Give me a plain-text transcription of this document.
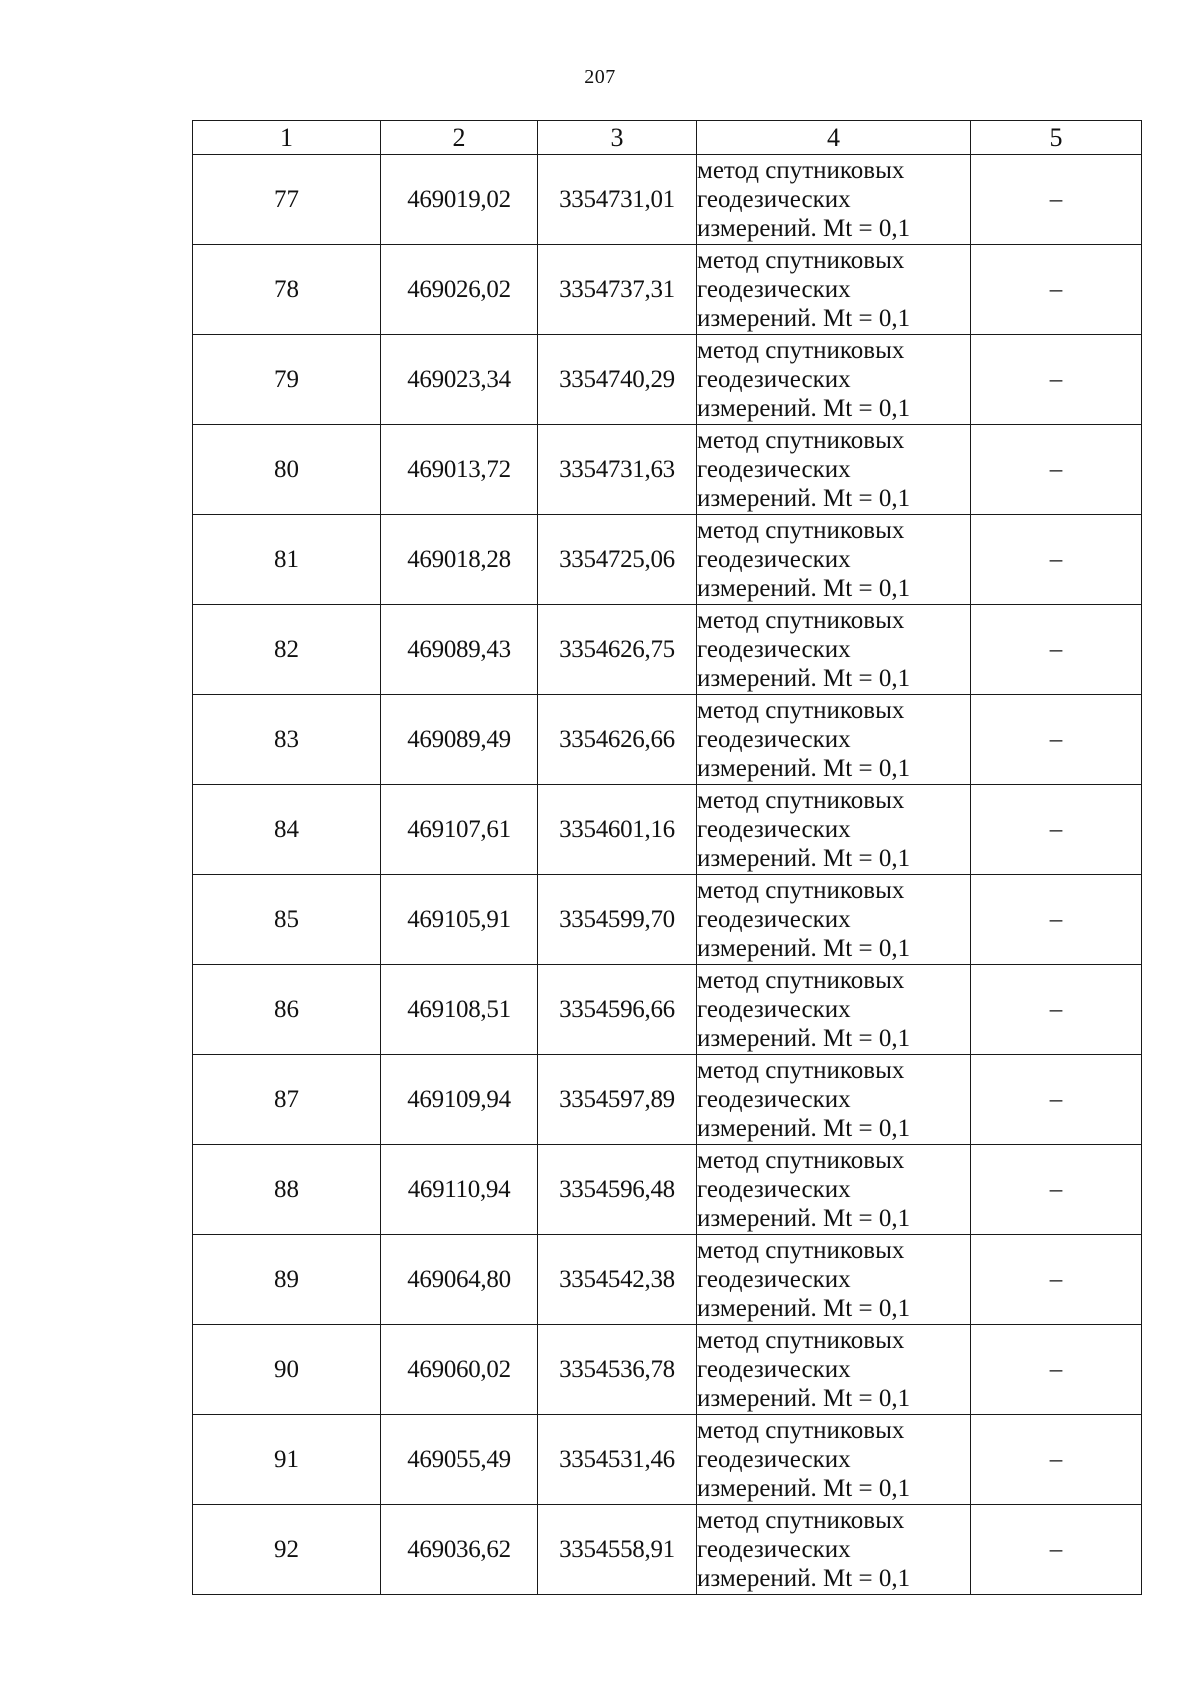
207
1	2	3	4	5
77	469019,02	3354731,01	метод спутниковых
геодезических
измерений. Mt = 0,1	–
78	469026,02	3354737,31	метод спутниковых
геодезических
измерений. Mt = 0,1	–
79	469023,34	3354740,29	метод спутниковых
геодезических
измерений. Mt = 0,1	–
80	469013,72	3354731,63	метод спутниковых
геодезических
измерений. Mt = 0,1	–
81	469018,28	3354725,06	метод спутниковых
геодезических
измерений. Mt = 0,1	–
82	469089,43	3354626,75	метод спутниковых
геодезических
измерений. Mt = 0,1	–
83	469089,49	3354626,66	метод спутниковых
геодезических
измерений. Mt = 0,1	–
84	469107,61	3354601,16	метод спутниковых
геодезических
измерений. Mt = 0,1	–
85	469105,91	3354599,70	метод спутниковых
геодезических
измерений. Mt = 0,1	–
86	469108,51	3354596,66	метод спутниковых
геодезических
измерений. Mt = 0,1	–
87	469109,94	3354597,89	метод спутниковых
геодезических
измерений. Mt = 0,1	–
88	469110,94	3354596,48	метод спутниковых
геодезических
измерений. Mt = 0,1	–
89	469064,80	3354542,38	метод спутниковых
геодезических
измерений. Mt = 0,1	–
90	469060,02	3354536,78	метод спутниковых
геодезических
измерений. Mt = 0,1	–
91	469055,49	3354531,46	метод спутниковых
геодезических
измерений. Mt = 0,1	–
92	469036,62	3354558,91	метод спутниковых
геодезических
измерений. Mt = 0,1	–
